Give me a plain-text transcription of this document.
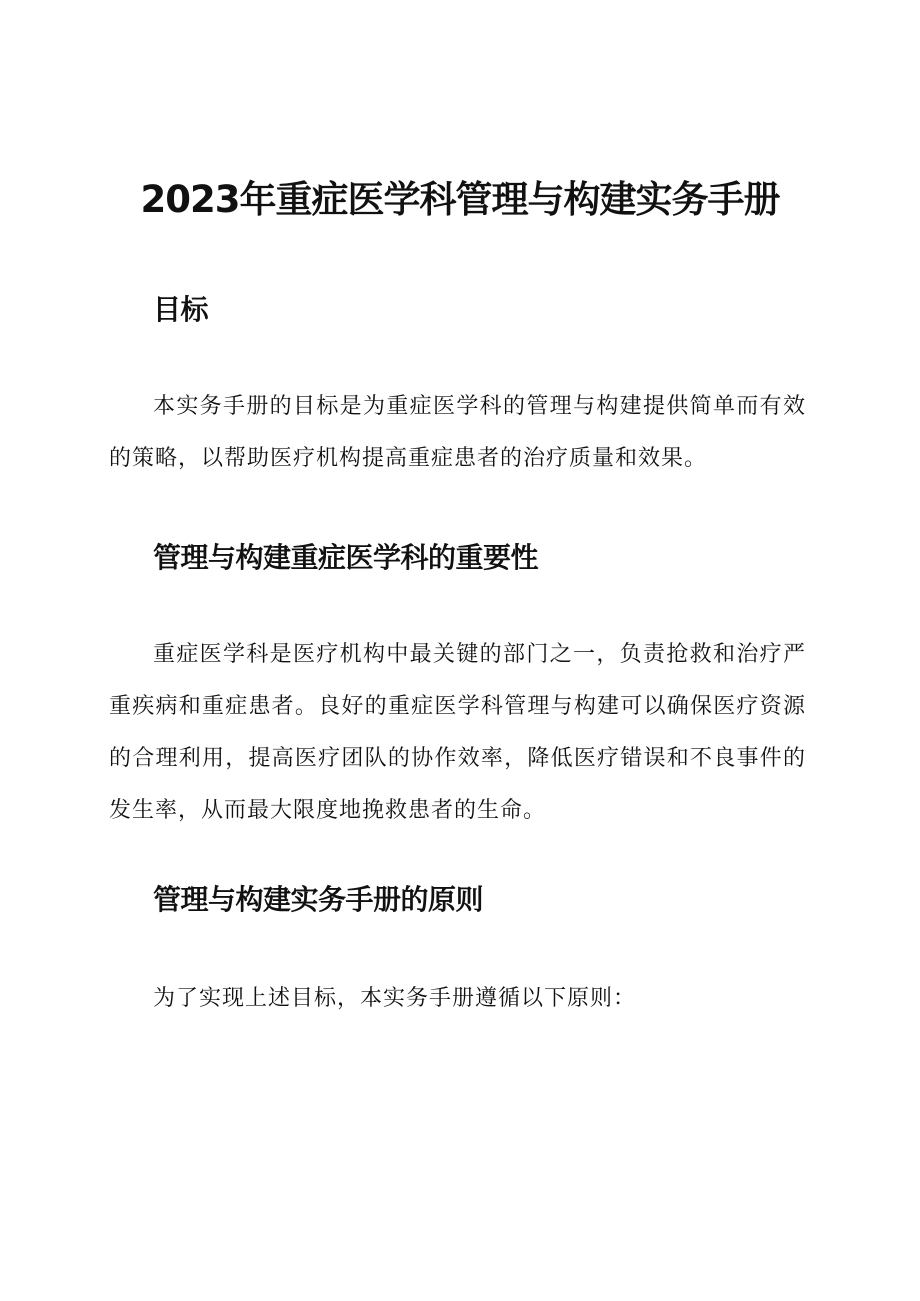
2023年重症医学科管理与构建实务手册
目标

本实务手册的目标是为重症医学科的管理与构建提供简单而有效的策略，以帮助医疗机构提高重症患者的治疗质量和效果。

管理与构建重症医学科的重要性

重症医学科是医疗机构中最关键的部门之一，负责抢救和治疗严重疾病和重症患者。良好的重症医学科管理与构建可以确保医疗资源的合理利用，提高医疗团队的协作效率，降低医疗错误和不良事件的发生率，从而最大限度地挽救患者的生命。

管理与构建实务手册的原则

为了实现上述目标，本实务手册遵循以下原则：
